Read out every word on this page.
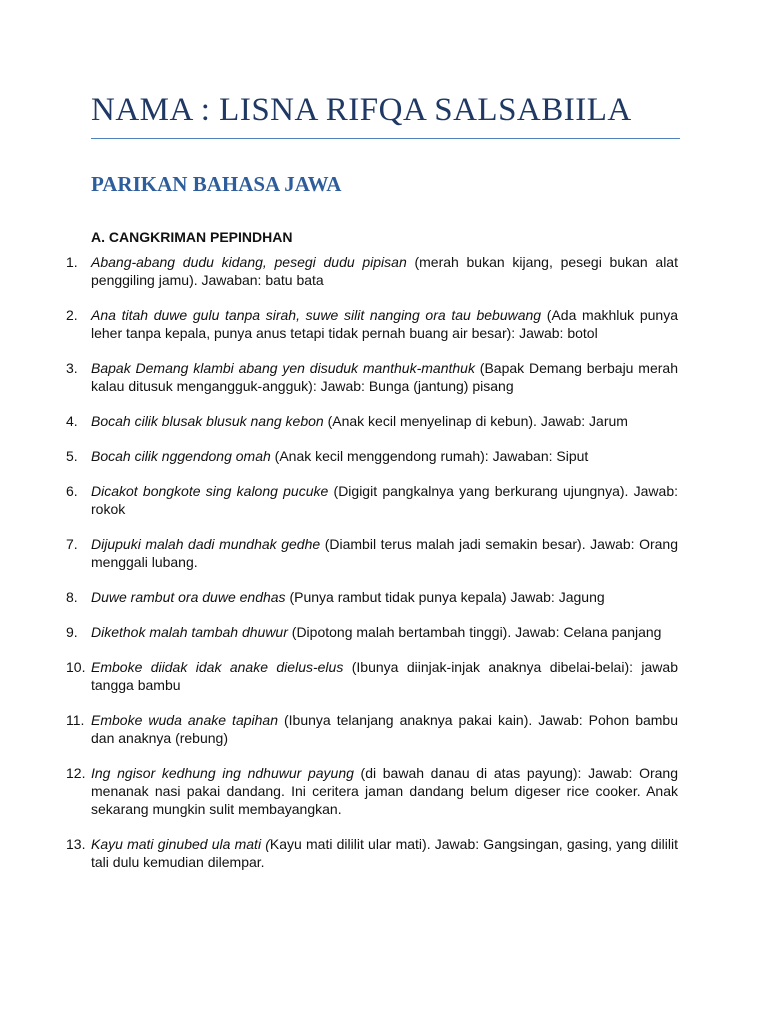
NAMA : LISNA RIFQA SALSABIILA
PARIKAN BAHASA JAWA
A. CANGKRIMAN PEPINDHAN
1. Abang-abang dudu kidang, pesegi dudu pipisan (merah bukan kijang, pesegi bukan alat penggiling jamu). Jawaban: batu bata
2. Ana titah duwe gulu tanpa sirah, suwe silit nanging ora tau bebuwang (Ada makhluk punya leher tanpa kepala, punya anus tetapi tidak pernah buang air besar): Jawab: botol
3. Bapak Demang klambi abang yen disuduk manthuk-manthuk (Bapak Demang berbaju merah kalau ditusuk mengangguk-angguk): Jawab: Bunga (jantung) pisang
4. Bocah cilik blusak blusuk nang kebon (Anak kecil menyelinap di kebun). Jawab: Jarum
5. Bocah cilik nggendong omah (Anak kecil menggendong rumah): Jawaban: Siput
6. Dicakot bongkote sing kalong pucuke (Digigit pangkalnya yang berkurang ujungnya). Jawab: rokok
7. Dijupuki malah dadi mundhak gedhe (Diambil terus malah jadi semakin besar). Jawab: Orang menggali lubang.
8. Duwe rambut ora duwe endhas (Punya rambut tidak punya kepala) Jawab: Jagung
9. Dikethok malah tambah dhuwur (Dipotong malah bertambah tinggi). Jawab: Celana panjang
10. Emboke diidak idak anake dielus-elus (Ibunya diinjak-injak anaknya dibelai-belai): jawab tangga bambu
11. Emboke wuda anake tapihan (Ibunya telanjang anaknya pakai kain). Jawab: Pohon bambu dan anaknya (rebung)
12. Ing ngisor kedhung ing ndhuwur payung (di bawah danau di atas payung): Jawab: Orang menanak nasi pakai dandang. Ini ceritera jaman dandang belum digeser rice cooker. Anak sekarang mungkin sulit membayangkan.
13. Kayu mati ginubed ula mati (Kayu mati dililit ular mati). Jawab: Gangsingan, gasing, yang dililit tali dulu kemudian dilempar.
